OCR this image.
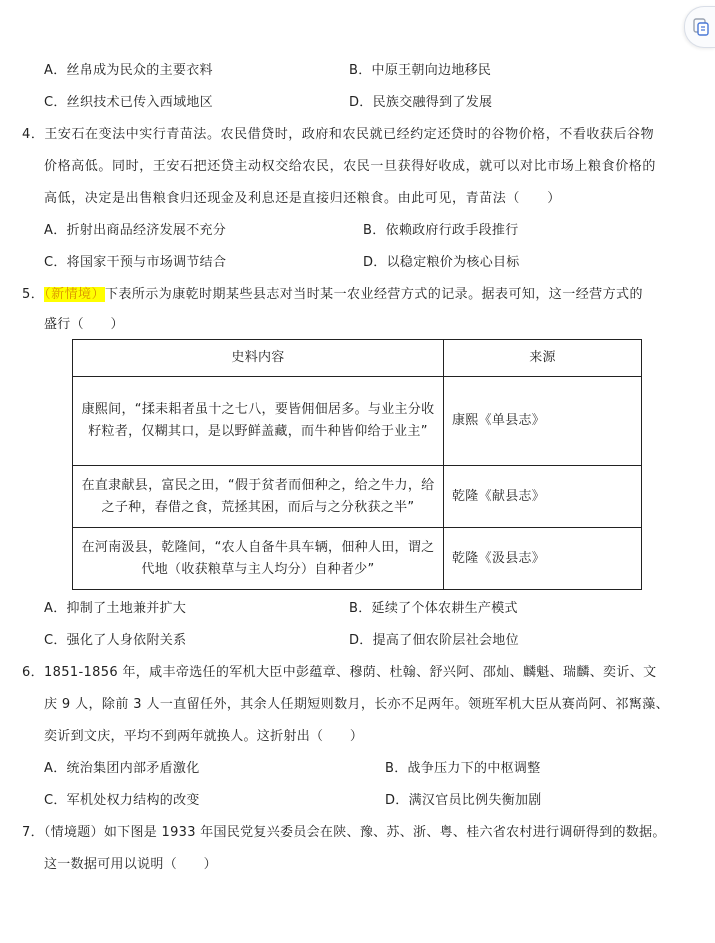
A．丝帛成为民众的主要衣料	B．中原王朝向边地移民
C．丝织技术已传入西域地区	D．民族交融得到了发展
4．王安石在变法中实行青苗法。农民借贷时，政府和农民就已经约定还贷时的谷物价格，不看收获后谷物
价格高低。同时，王安石把还贷主动权交给农民，农民一旦获得好收成，就可以对比市场上粮食价格的
高低，决定是出售粮食归还现金及利息还是直接归还粮食。由此可见，青苗法（　　）
A．折射出商品经济发展不充分	B．依赖政府行政手段推行
C．将国家干预与市场调节结合	D．以稳定粮价为核心目标
5．（新情境）下表所示为康乾时期某些县志对当时某一农业经营方式的记录。据表可知，这一经营方式的
盛行（　　）
史料内容	来源
康熙间，“揉耒耜者虽十之七八，要皆佣佃居多。与业主分收籽粒者，仅糊其口，是以野鲜盖藏，而牛种皆仰给于业主”	康熙《单县志》
在直隶献县，富民之田，“假于贫者而佃种之，给之牛力，给之子种，春借之食，荒拯其困，而后与之分秋获之半”	乾隆《献县志》
在河南汲县，乾隆间，“农人自备牛具车辆，佃种人田，谓之代地（收获粮草与主人均分）自种者少”	乾隆《汲县志》
A．抑制了土地兼并扩大	B．延续了个体农耕生产模式
C．强化了人身依附关系	D．提高了佃农阶层社会地位
6．1851-1856 年，咸丰帝选任的军机大臣中彭蕴章、穆荫、杜翰、舒兴阿、邵灿、麟魁、瑞麟、奕䜣、文
庆 9 人，除前 3 人一直留任外，其余人任期短则数月，长亦不足两年。领班军机大臣从赛尚阿、祁寯藻、
奕䜣到文庆，平均不到两年就换人。这折射出（　　）
A．统治集团内部矛盾激化	B．战争压力下的中枢调整
C．军机处权力结构的改变	D．满汉官员比例失衡加剧
7．（情境题）如下图是 1933 年国民党复兴委员会在陕、豫、苏、浙、粤、桂六省农村进行调研得到的数据。
这一数据可用以说明（　　）
